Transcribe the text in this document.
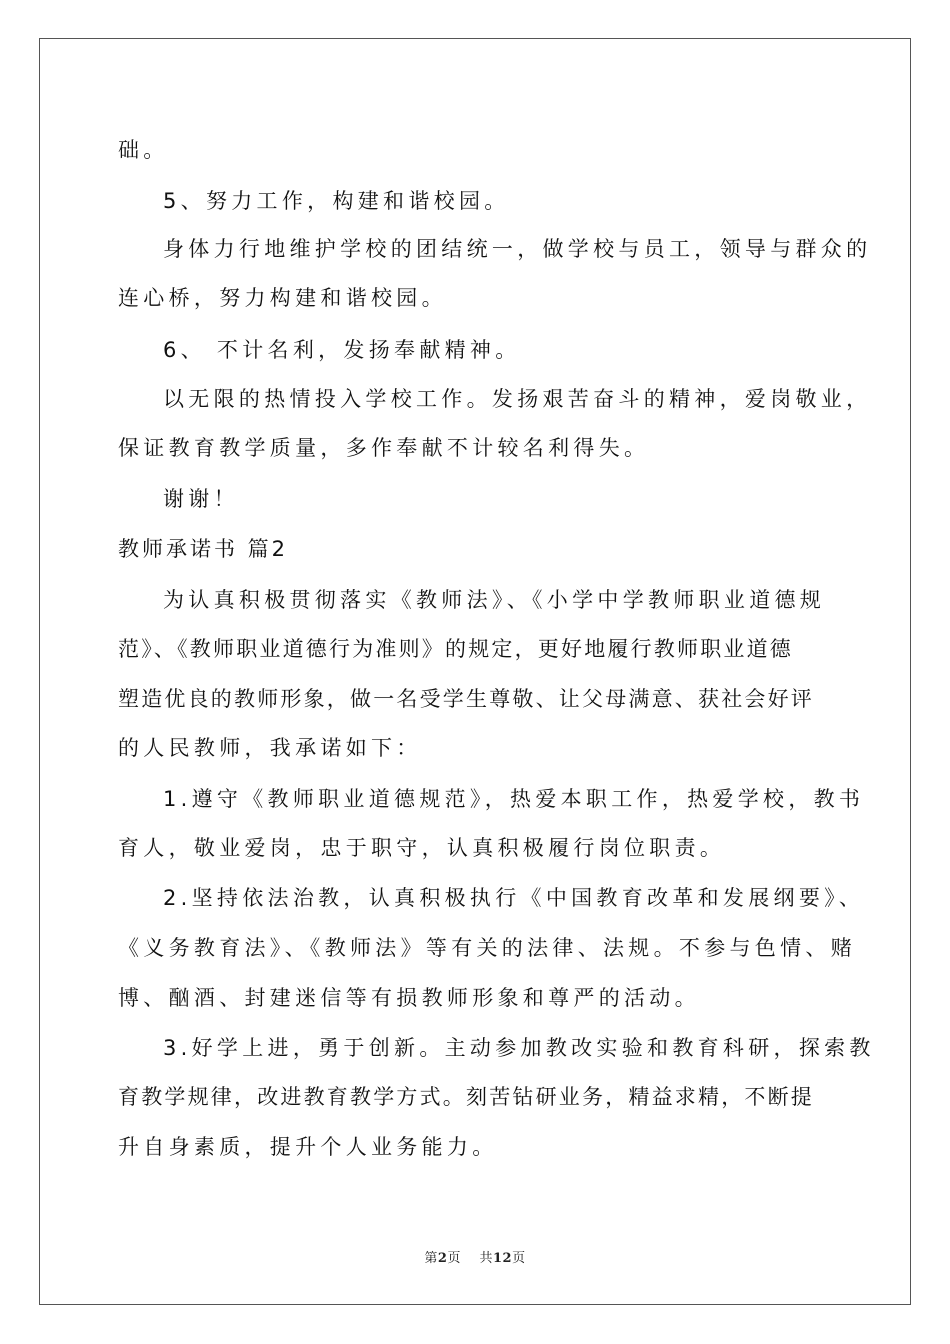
础。
5、努力工作，构建和谐校园。
身体力行地维护学校的团结统一，做学校与员工，领导与群众的
连心桥，努力构建和谐校园。
6、 不计名利，发扬奉献精神。
以无限的热情投入学校工作。发扬艰苦奋斗的精神，爱岗敬业，
保证教育教学质量，多作奉献不计较名利得失。
谢谢！
教师承诺书 篇2
为认真积极贯彻落实《教师法》、《小学中学教师职业道德规
范》、《教师职业道德行为准则》的规定，更好地履行教师职业道德
塑造优良的教师形象，做一名受学生尊敬、让父母满意、获社会好评
的人民教师，我承诺如下：
1.遵守《教师职业道德规范》，热爱本职工作，热爱学校，教书
育人，敬业爱岗，忠于职守，认真积极履行岗位职责。
2.坚持依法治教，认真积极执行《中国教育改革和发展纲要》、
《义务教育法》、《教师法》等有关的法律、法规。不参与色情、赌
博、酗酒、封建迷信等有损教师形象和尊严的活动。
3.好学上进，勇于创新。主动参加教改实验和教育科研，探索教
育教学规律，改进教育教学方式。刻苦钻研业务，精益求精，不断提
升自身素质，提升个人业务能力。
第2页 共12页
